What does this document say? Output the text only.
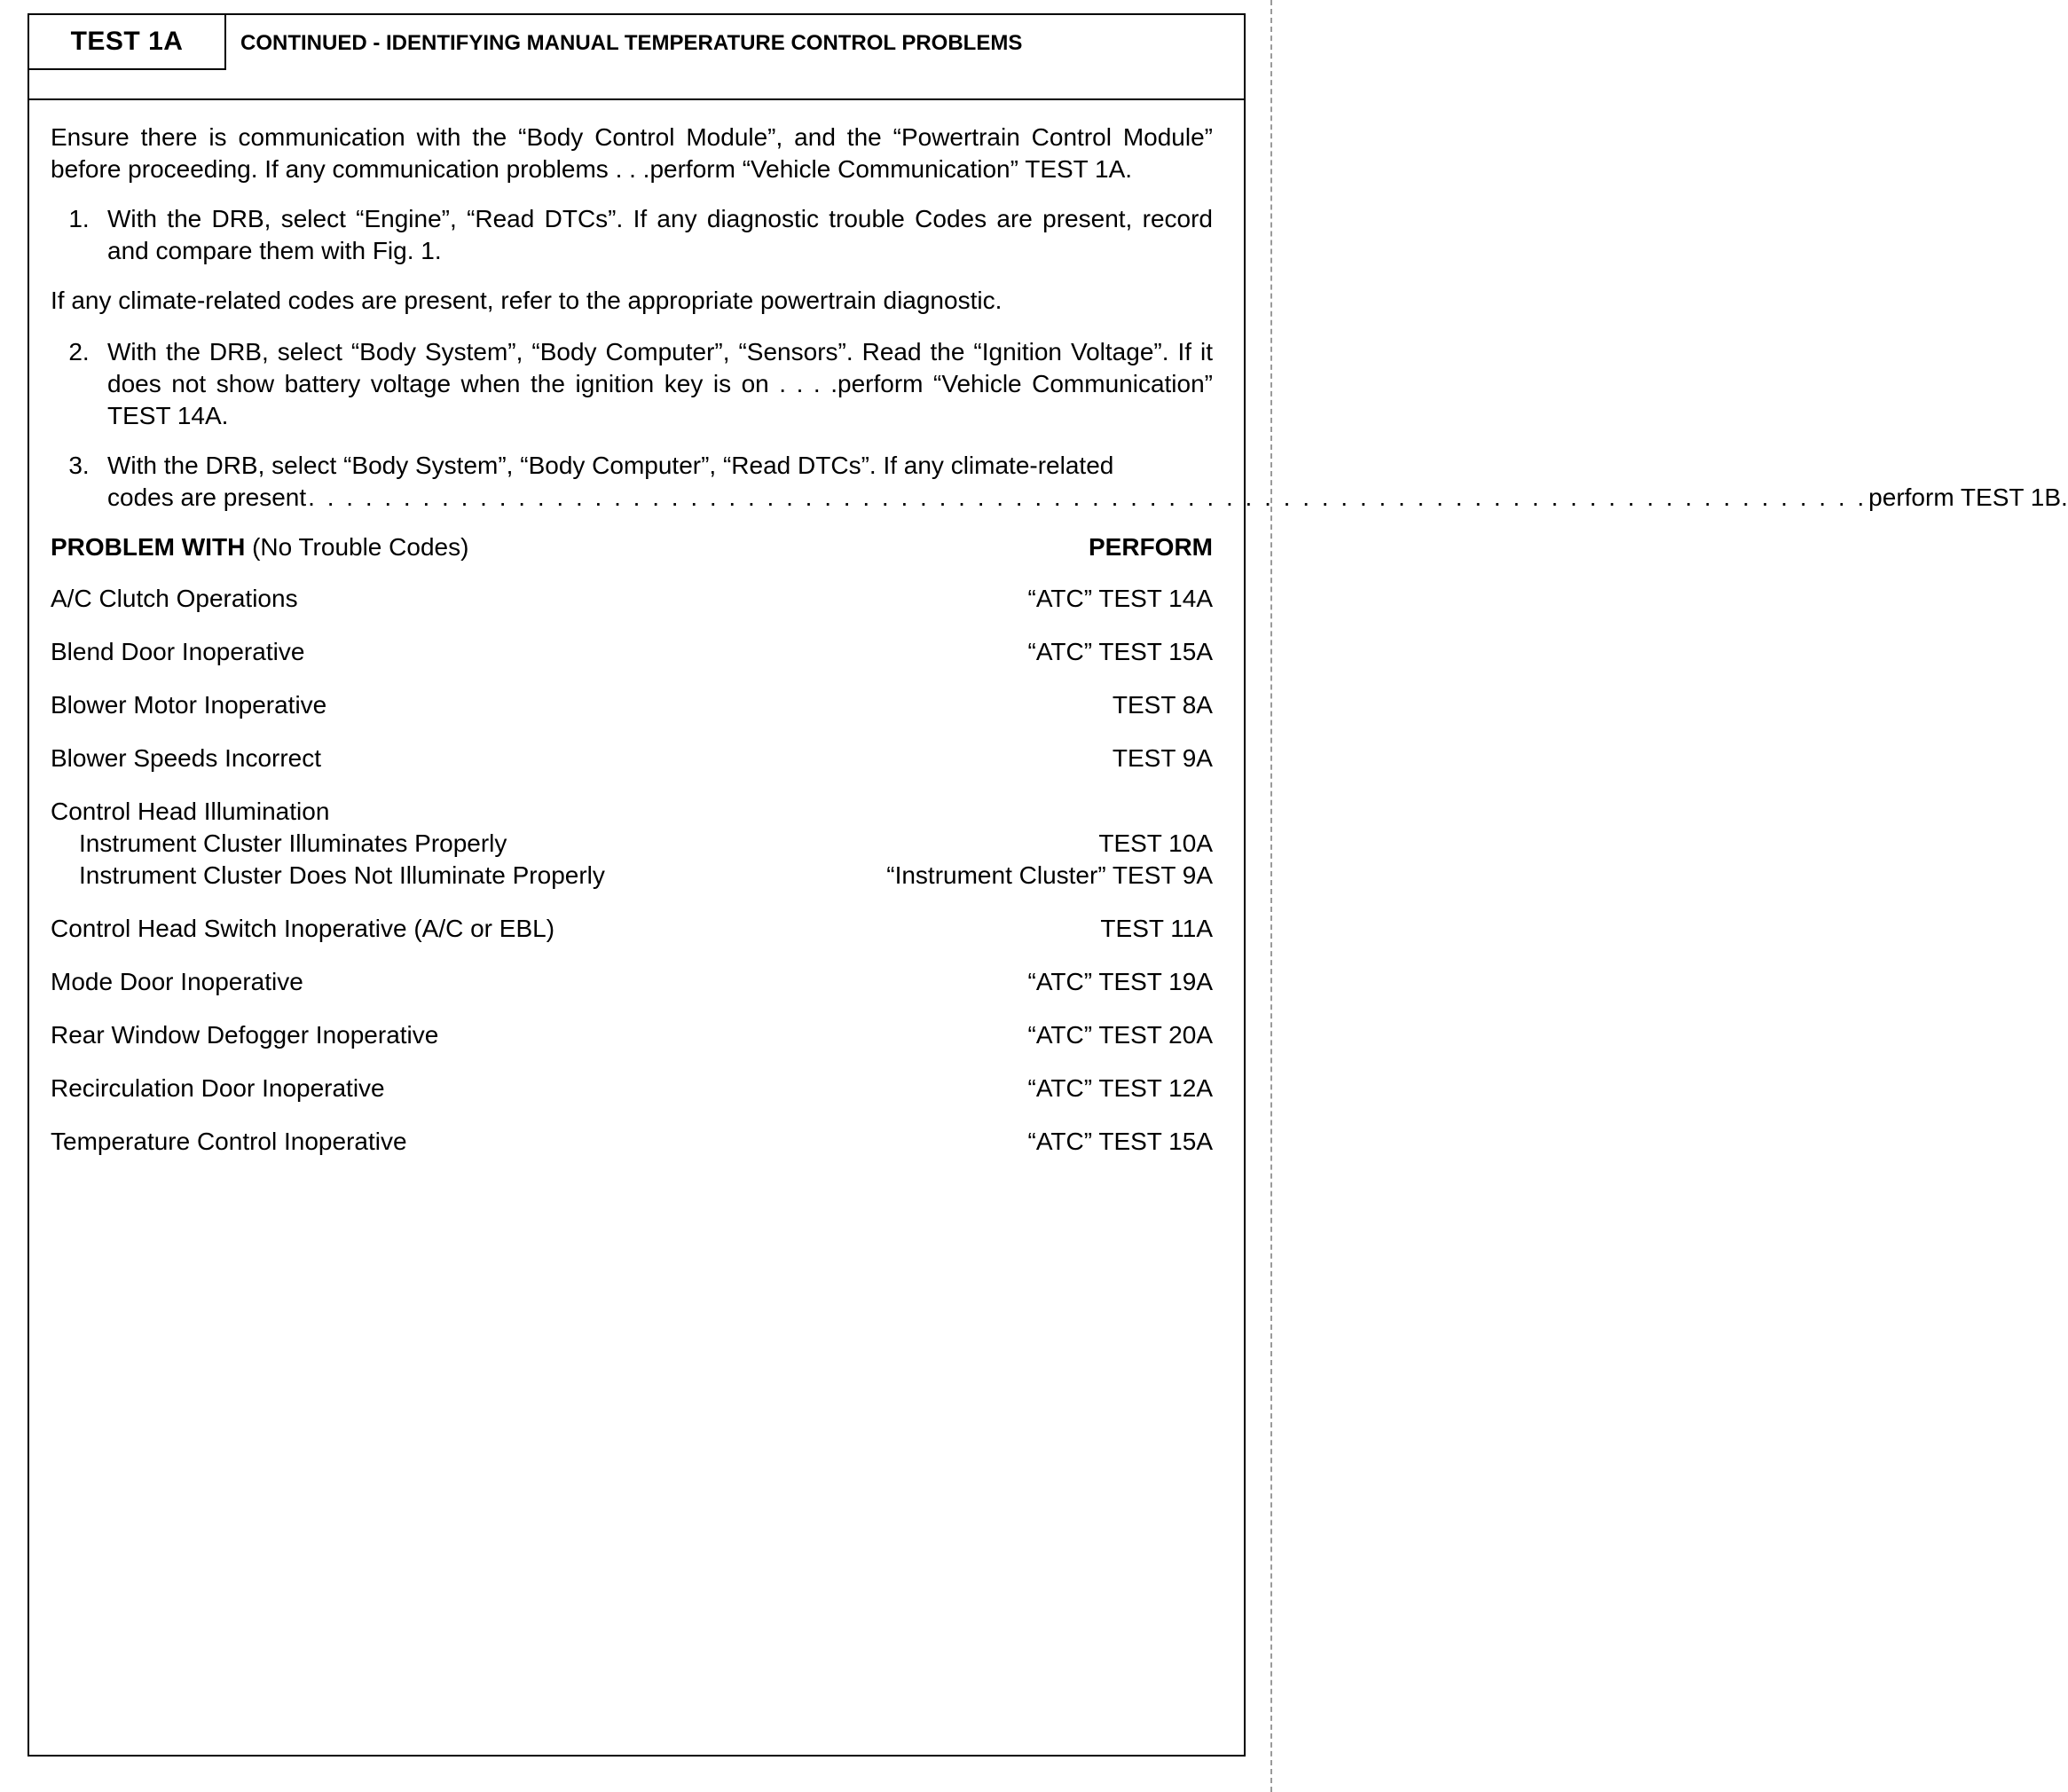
TEST 1A	CONTINUED - IDENTIFYING MANUAL TEMPERATURE CONTROL PROBLEMS

Ensure there is communication with the “Body Control Module”, and the “Powertrain Control Module” before proceeding. If any communication problems . . .perform “Vehicle Communication” TEST 1A.

1. With the DRB, select “Engine”, “Read DTCs”. If any diagnostic trouble Codes are present, record and compare them with Fig. 1.

If any climate-related codes are present, refer to the appropriate powertrain diagnostic.

2. With the DRB, select “Body System”, “Body Computer”, “Sensors”. Read the “Ignition Voltage”. If it does not show battery voltage when the ignition key is on . . . .perform “Vehicle Communication” TEST 14A.
3. With the DRB, select “Body System”, “Body Computer”, “Read DTCs”. If any climate-related
codes are present
. . .	perform TEST 1B.
PROBLEM WITH (No Trouble Codes)	PERFORM
A/C Clutch Operations	“ATC” TEST 14A
Blend Door Inoperative	“ATC” TEST 15A
Blower Motor Inoperative	TEST 8A
Blower Speeds Incorrect	TEST 9A
Control Head Illumination
Instrument Cluster Illuminates Properly	TEST 10A
Instrument Cluster Does Not Illuminate Properly	“Instrument Cluster” TEST 9A
Control Head Switch Inoperative (A/C or EBL)	TEST 11A
Mode Door Inoperative	“ATC” TEST 19A
Rear Window Defogger Inoperative	“ATC” TEST 20A
Recirculation Door Inoperative	“ATC” TEST 12A
Temperature Control Inoperative	“ATC” TEST 15A
